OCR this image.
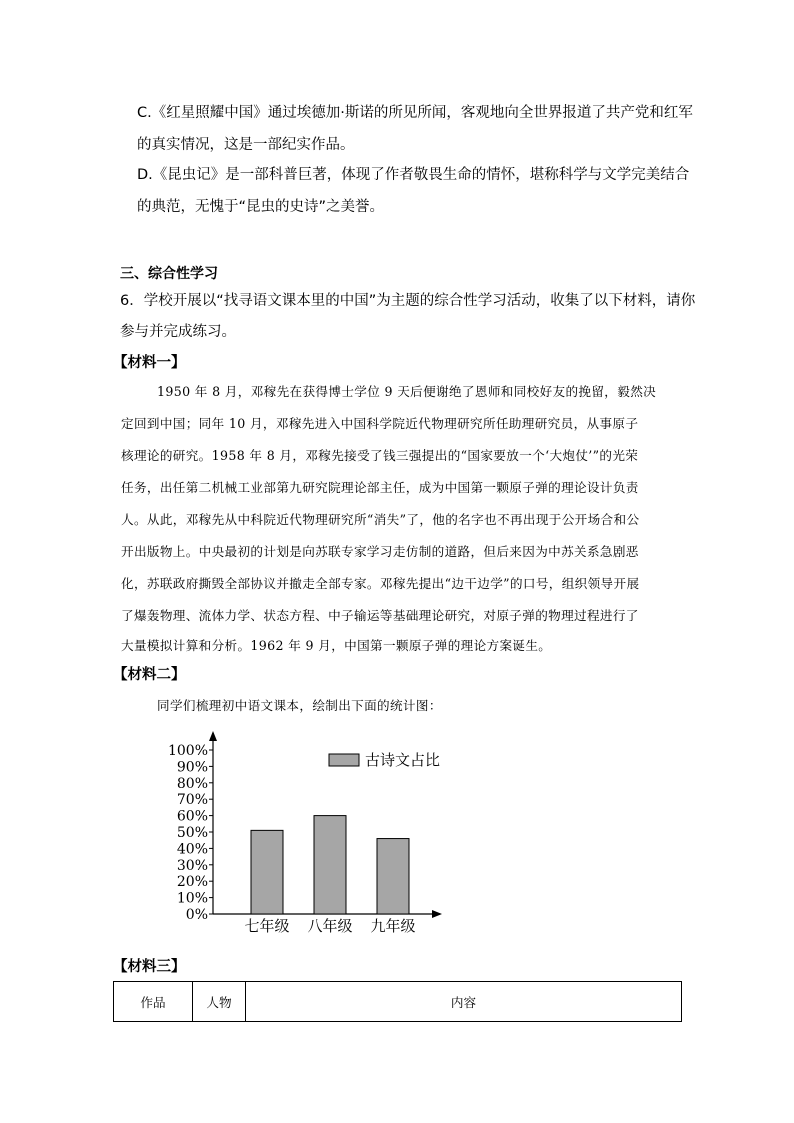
C.《红星照耀中国》通过埃德加·斯诺的所见所闻，客观地向全世界报道了共产党和红军
的真实情况，这是一部纪实作品。
D.《昆虫记》是一部科普巨著，体现了作者敬畏生命的情怀，堪称科学与文学完美结合
的典范，无愧于“昆虫的史诗”之美誉。
三、综合性学习
6．学校开展以“找寻语文课本里的中国”为主题的综合性学习活动，收集了以下材料，请你
参与并完成练习。
【材料一】
1950 年 8 月，邓稼先在获得博士学位 9 天后便谢绝了恩师和同校好友的挽留，毅然决
定回到中国；同年 10 月，邓稼先进入中国科学院近代物理研究所任助理研究员，从事原子
核理论的研究。1958 年 8 月，邓稼先接受了钱三强提出的“国家要放一个‘大炮仗’”的光荣
任务，出任第二机械工业部第九研究院理论部主任，成为中国第一颗原子弹的理论设计负责
人。从此，邓稼先从中科院近代物理研究所“消失”了，他的名字也不再出现于公开场合和公
开出版物上。中央最初的计划是向苏联专家学习走仿制的道路，但后来因为中苏关系急剧恶
化，苏联政府撕毁全部协议并撤走全部专家。邓稼先提出“边干边学”的口号，组织领导开展
了爆轰物理、流体力学、状态方程、中子输运等基础理论研究，对原子弹的物理过程进行了
大量模拟计算和分析。1962 年 9 月，中国第一颗原子弹的理论方案诞生。
【材料二】
同学们梳理初中语文课本，绘制出下面的统计图：
0%
10%
20%
30%
40%
50%
60%
70%
80%
90%
100%
七年级 八年级 九年级
古诗文占比
【材料三】
作品	人物	内容
